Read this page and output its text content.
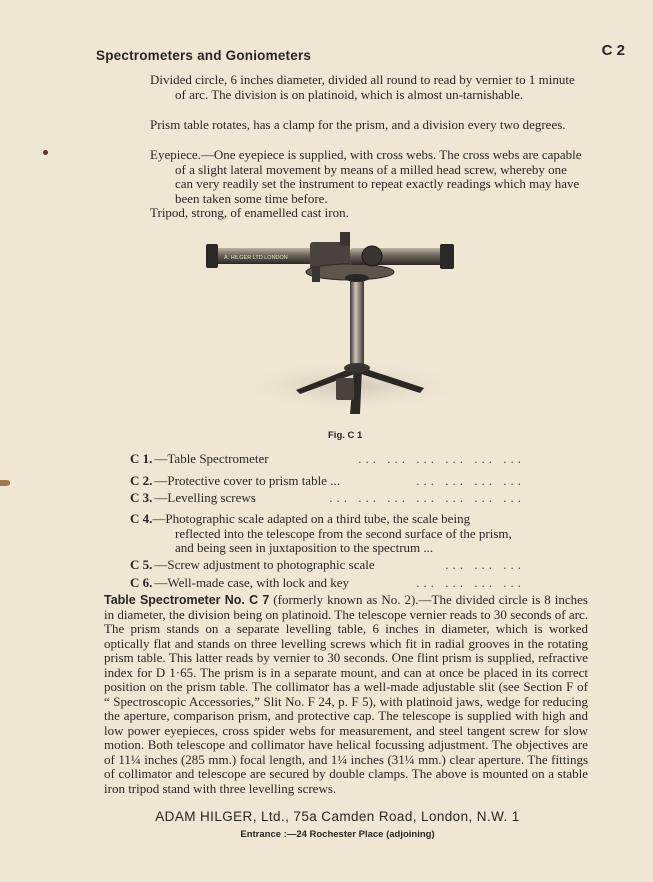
Spectrometers and Goniometers	C 2

Divided circle, 6 inches diameter, divided all round to read by vernier to 1 minute of arc. The division is on platinoid, which is almost un-tarnishable.

Prism table rotates, has a clamp for the prism, and a division every two degrees.

Eyepiece.—One eyepiece is supplied, with cross webs. The cross webs are capable of a slight lateral movement by means of a milled head screw, whereby one can very readily set the instrument to repeat exactly readings which may have been taken some time before.

Tripod, strong, of enamelled cast iron.

A. HILGER LTD LONDON
Fig. C 1
C 1. —Table Spectrometer	... ... ... ... ... ...
C 2. —Protective cover to prism table ...	... ... ... ...
C 3. —Levelling screws	... ... ... ... ... ... ...
C 4.—Photographic scale adapted on a third tube, the scale being
reflected into the telescope from the second surface of the prism, and being seen in juxtaposition to the spectrum ...
C 5. —Screw adjustment to photographic scale	... ... ...
C 6. —Well-made case, with lock and key	... ... ... ...

Table Spectrometer No. C 7 (formerly known as No. 2).—The divided circle is 8 inches in diameter, the division being on platinoid. The telescope vernier reads to 30 seconds of arc. The prism stands on a separate levelling table, 6 inches in diameter, which is worked optically flat and stands on three levelling screws which fit in radial grooves in the rotating prism table. This latter reads by vernier to 30 seconds. One flint prism is supplied, refractive index for D 1·65. The prism is in a separate mount, and can at once be placed in its correct position on the prism table. The collimator has a well-made adjustable slit (see Section F of “ Spectroscopic Accessories,” Slit No. F 24, p. F 5), with platinoid jaws, wedge for reducing the aperture, comparison prism, and protective cap. The telescope is supplied with high and low power eyepieces, cross spider webs for measurement, and steel tangent screw for slow motion. Both telescope and collimator have helical focussing adjustment. The objectives are of 11¼ inches (285 mm.) focal length, and 1¼ inches (31¼ mm.) clear aperture. The fittings of collimator and telescope are secured by double clamps. The above is mounted on a stable iron tripod stand with three levelling screws.

ADAM HILGER, Ltd., 75a Camden Road, London, N.W. 1
Entrance :—24 Rochester Place (adjoining)
